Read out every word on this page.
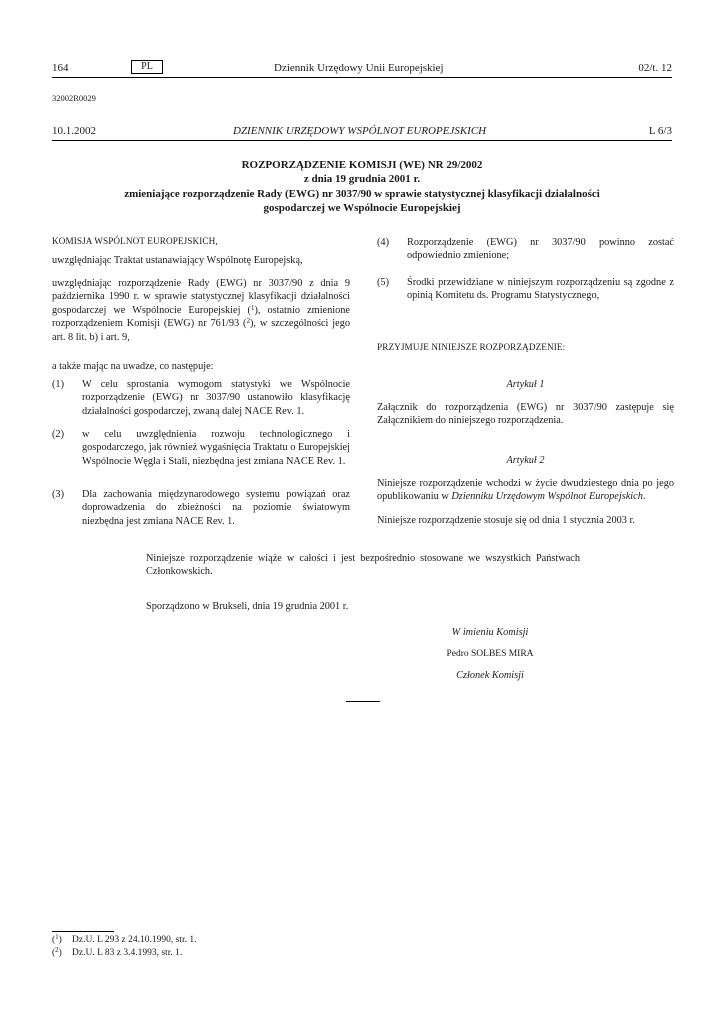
164	PL	Dziennik Urzędowy Unii Europejskiej	02/t. 12
32002R0029
10.1.2002	DZIENNIK URZĘDOWY WSPÓLNOT EUROPEJSKICH	L 6/3
ROZPORZĄDZENIE KOMISJI (WE) NR 29/2002
z dnia 19 grudnia 2001 r.
zmieniające rozporządzenie Rady (EWG) nr 3037/90 w sprawie statystycznej klasyfikacji działalności
gospodarczej we Wspólnocie Europejskiej
KOMISJA WSPÓLNOT EUROPEJSKICH,
uwzględniając Traktat ustanawiający Wspólnotę Europejską,
uwzględniając rozporządzenie Rady (EWG) nr 3037/90 z dnia 9 października 1990 r. w sprawie statystycznej klasyfikacji działalności gospodarczej we Wspólnocie Europejskiej ($^1$), ostatnio zmienione rozporządzeniem Komisji (EWG) nr 761/93 ($^2$), w szczególności jego art. 8 lit. b) i art. 9,
a także mając na uwadze, co następuje:
(1) W celu sprostania wymogom statystyki we Wspólnocie rozporządzenie (EWG) nr 3037/90 ustanowiło klasyfikację działalności gospodarczej, zwaną dalej NACE Rev. 1.
(2) w celu uwzględnienia rozwoju technologicznego i gospodarczego, jak również wygaśnięcia Traktatu o Europejskiej Wspólnocie Węgla i Stali, niezbędna jest zmiana NACE Rev. 1.
(3) Dla zachowania międzynarodowego systemu powiązań oraz doprowadzenia do zbieżności na poziomie światowym niezbędna jest zmiana NACE Rev. 1.
(4) Rozporządzenie (EWG) nr 3037/90 powinno zostać odpowiednio zmienione;
(5) Środki przewidziane w niniejszym rozporządzeniu są zgodne z opinią Komitetu ds. Programu Statystycznego,
PRZYJMUJE NINIEJSZE ROZPORZĄDZENIE:
Artykuł 1
Załącznik do rozporządzenia (EWG) nr 3037/90 zastępuje się Załącznikiem do niniejszego rozporządzenia.
Artykuł 2
Niniejsze rozporządzenie wchodzi w życie dwudziestego dnia po jego opublikowaniu w Dzienniku Urzędowym Wspólnot Europejskich.
Niniejsze rozporządzenie stosuje się od dnia 1 stycznia 2003 r.
Niniejsze rozporządzenie wiąże w całości i jest bezpośrednio stosowane we wszystkich Państwach Członkowskich.
Sporządzono w Brukseli, dnia 19 grudnia 2001 r.
W imieniu Komisji
Pedro SOLBES MIRA
Członek Komisji
($^1$) Dz.U. L 293 z 24.10.1990, str. 1.
($^2$) Dz.U. L 83 z 3.4.1993, str. 1.
